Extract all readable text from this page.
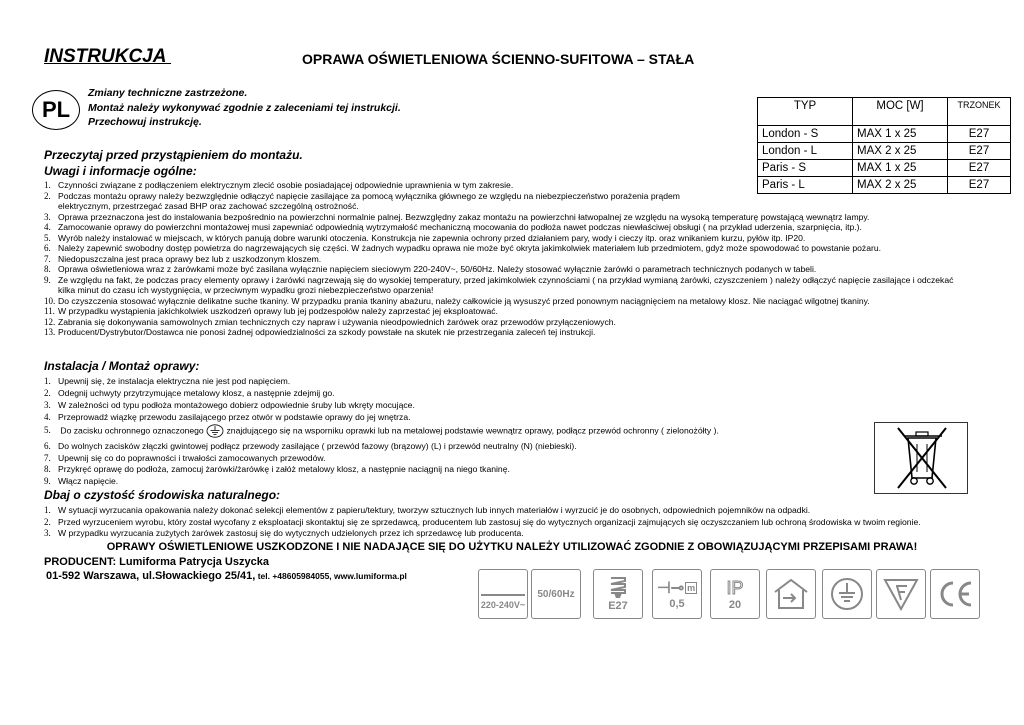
INSTRUKCJA	OPRAWA OŚWIETLENIOWA ŚCIENNO-SUFITOWA – STAŁA
PL
Zmiany techniczne zastrzeżone.
Montaż należy wykonywać zgodnie z zaleceniami tej instrukcji.
Przechowuj instrukcję.
TYP	MOC [W]	TRZONEK
London - S	MAX 1 x 25	E27
London - L	MAX 2 x 25	E27
Paris - S	MAX 1 x 25	E27
Paris - L	MAX 2 x 25	E27
Przeczytaj przed przystąpieniem do montażu.
Uwagi i informacje ogólne:
1. Czynności związane z podłączeniem elektrycznym zlecić osobie posiadającej odpowiednie uprawnienia w tym zakresie.
2. Podczas montażu oprawy należy bezwzględnie odłączyć napięcie zasilające za pomocą wyłącznika głównego ze względu na niebezpieczeństwo porażenia prądem
elektrycznym, przestrzegać zasad BHP oraz zachować szczególną ostrożność.
3. Oprawa przeznaczona jest do instalowania bezpośrednio na powierzchni normalnie palnej. Bezwzględny zakaz montażu na powierzchni łatwopalnej ze względu na wysoką temperaturę powstającą wewnątrz lampy.
4. Zamocowanie oprawy do powierzchni montażowej musi zapewniać odpowiednią wytrzymałość mechaniczną mocowania do podłoża nawet podczas niewłaściwej obsługi ( na przykład uderzenia, szarpnięcia, itp.).
5. Wyrób należy instalować w miejscach, w których panują dobre warunki otoczenia. Konstrukcja nie zapewnia ochrony przed działaniem pary, wody i cieczy itp. oraz wnikaniem kurzu, pyłów itp. IP20.
6. Należy zapewnić swobodny dostęp powietrza do nagrzewających się części. W żadnych wypadku oprawa nie może być okryta jakimkolwiek materiałem lub przedmiotem, gdyż może spowodować to powstanie pożaru.
7. Niedopuszczalna jest praca oprawy bez lub z uszkodzonym kloszem.
8. Oprawa oświetleniowa wraz z żarówkami może być zasilana wyłącznie napięciem sieciowym 220-240V~, 50/60Hz. Należy stosować wyłącznie żarówki o parametrach technicznych podanych w tabeli.
9. Ze względu na fakt, że podczas pracy elementy oprawy i żarówki nagrzewają się do wysokiej temperatury, przed jakimkolwiek czynnościami ( na przykład wymianą żarówki, czyszczeniem ) należy odłączyć napięcie zasilające i odczekać
kilka minut do czasu ich wystygnięcia, w przeciwnym wypadku grozi niebezpieczeństwo oparzenia!
10. Do czyszczenia stosować wyłącznie delikatne suche tkaniny. W przypadku prania tkaniny abażuru, należy całkowicie ją wysuszyć przed ponownym naciągnięciem na metalowy klosz. Nie naciągać wilgotnej tkaniny.
11. W przypadku wystąpienia jakichkolwiek uszkodzeń oprawy lub jej podzespołów należy zaprzestać jej eksploatować.
12. Zabrania się dokonywania samowolnych zmian technicznych czy napraw i używania nieodpowiednich żarówek oraz przewodów przyłączeniowych.
13. Producent/Dystrybutor/Dostawca nie ponosi żadnej odpowiedzialności za szkody powstałe na skutek nie przestrzegania zaleceń tej instrukcji.
Instalacja / Montaż oprawy:
1. Upewnij się, że instalacja elektryczna nie jest pod napięciem.
2. Odegnij uchwyty przytrzymujące metalowy klosz, a następnie zdejmij go.
3. W zależności od typu podłoża montażowego dobierz odpowiednie śruby lub wkręty mocujące.
4. Przeprowadź wiązkę przewodu zasilającego przez otwór w podstawie oprawy do jej wnętrza.
5. Do zacisku ochronnego oznaczonego	znajdującego się na wsporniku oprawki lub na metalowej podstawie wewnątrz oprawy, podłącz przewód ochronny ( zielonożółty ).
6. Do wolnych zacisków złączki gwintowej podłącz przewody zasilające ( przewód fazowy (brązowy) (L) i przewód neutralny (N) (niebieski).
7. Upewnij się co do poprawności i trwałości zamocowanych przewodów.
8. Przykręć oprawę do podłoża, zamocuj żarówki/żarówkę i załóż metalowy klosz, a następnie naciągnij na niego tkaninę.
9. Włącz napięcie.
Dbaj o czystość środowiska naturalnego:
1. W sytuacji wyrzucania opakowania należy dokonać selekcji elementów z papieru/tektury, tworzyw sztucznych lub innych materiałów i wyrzucić je do osobnych, odpowiednich pojemników na odpadki.
2. Przed wyrzuceniem wyrobu, który został wycofany z eksploatacji skontaktuj się ze sprzedawcą, producentem lub zastosuj się do wytycznych organizacji zajmujących się oczyszczaniem lub ochroną środowiska w twoim regionie.
3. W przypadku wyrzucania zużytych żarówek zastosuj się do wytycznych udzielonych przez ich sprzedawcę lub producenta.
OPRAWY OŚWIETLENIOWE USZKODZONE I NIE NADAJĄCE SIĘ DO UŻYTKU NALEŻY UTILIZOWAĆ ZGODNIE Z OBOWIĄZUJĄCYMI PRZEPISAMI PRAWA!
PRODUCENT: Lumiforma Patrycja Uszycka
01-592 Warszawa, ul.Słowackiego 25/41, tel. +48605984055, www.lumiforma.pl
220-240V~
50/60Hz
E27
⊣⊸ m
0,5
IP
20
